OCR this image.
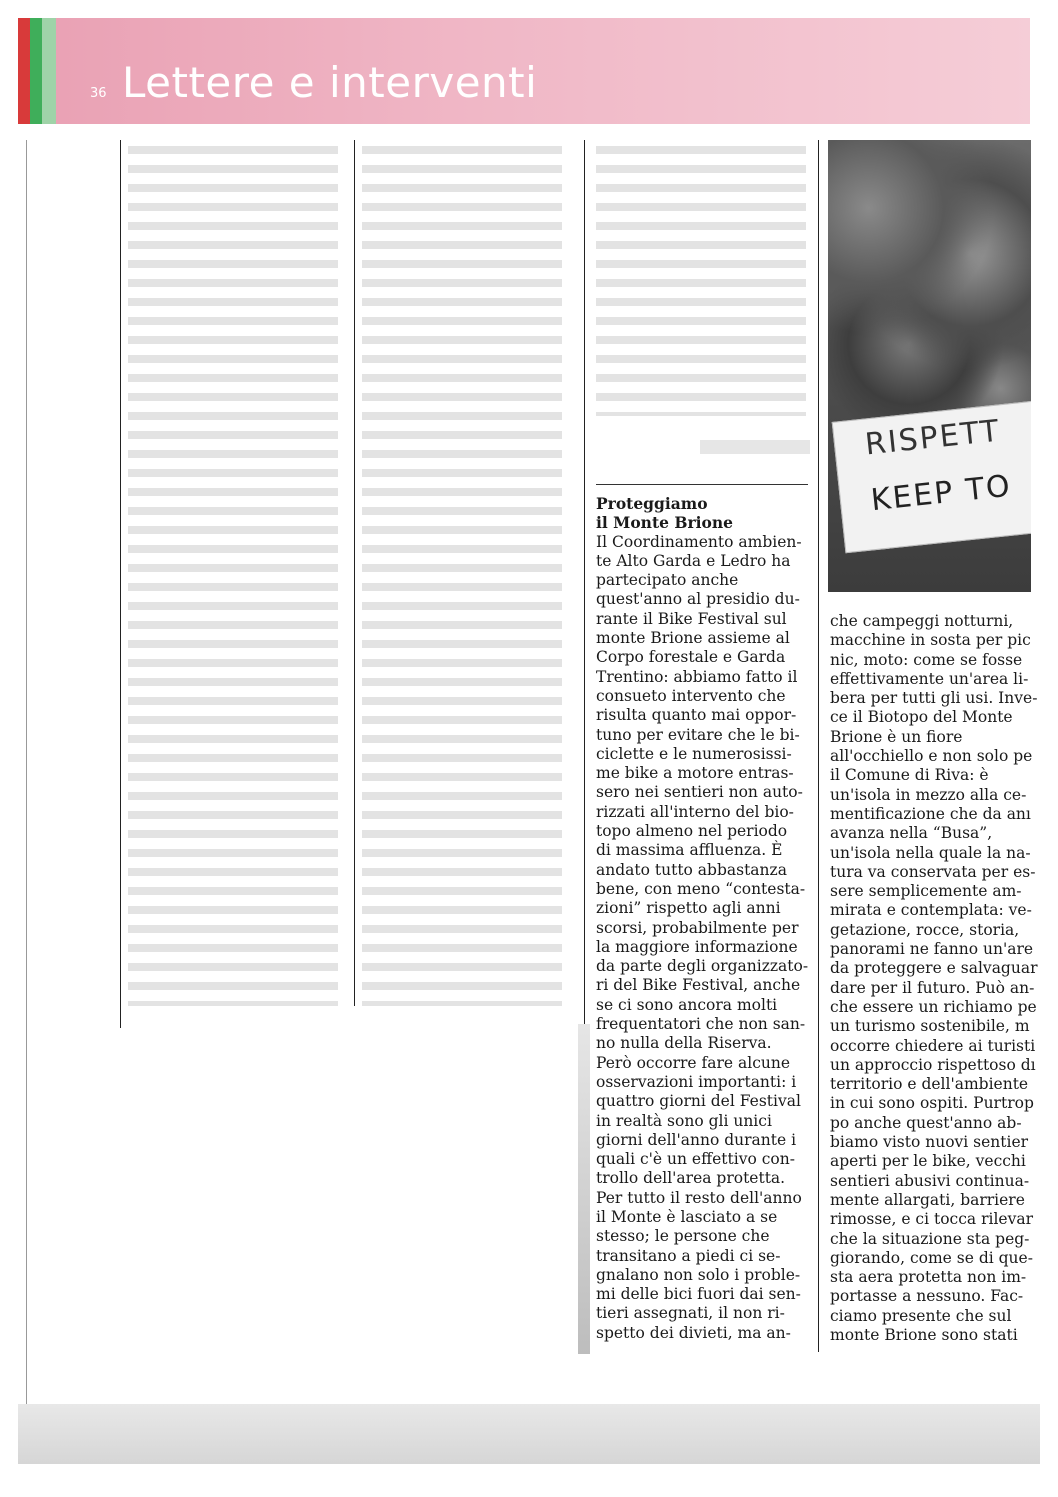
36 Lettere e interventi
RISPETT
KEEP TO
Proteggiamo
il Monte Brione
Il Coordinamento ambien-
te Alto Garda e Ledro ha
partecipato anche
quest'anno al presidio du-
rante il Bike Festival sul
monte Brione assieme al
Corpo forestale e Garda
Trentino: abbiamo fatto il
consueto intervento che
risulta quanto mai oppor-
tuno per evitare che le bi-
ciclette e le numerosissi-
me bike a motore entras-
sero nei sentieri non auto-
rizzati all'interno del bio-
topo almeno nel periodo
di massima affluenza. È
andato tutto abbastanza
bene, con meno “contesta-
zioni” rispetto agli anni
scorsi, probabilmente per
la maggiore informazione
da parte degli organizzato-
ri del Bike Festival, anche
se ci sono ancora molti
frequentatori che non san-
no nulla della Riserva.
Però occorre fare alcune
osservazioni importanti: i
quattro giorni del Festival
in realtà sono gli unici
giorni dell'anno durante i
quali c'è un effettivo con-
trollo dell'area protetta.
Per tutto il resto dell'anno
il Monte è lasciato a se
stesso; le persone che
transitano a piedi ci se-
gnalano non solo i proble-
mi delle bici fuori dai sen-
tieri assegnati, il non ri-
spetto dei divieti, ma an-
che campeggi notturni,
macchine in sosta per pic
nic, moto: come se fosse
effettivamente un'area li-
bera per tutti gli usi. Inve-
ce il Biotopo del Monte
Brione è un fiore
all'occhiello e non solo pe
il Comune di Riva: è
un'isola in mezzo alla ce-
mentificazione che da anı
avanza nella “Busa”,
un'isola nella quale la na-
tura va conservata per es-
sere semplicemente am-
mirata e contemplata: ve-
getazione, rocce, storia,
panorami ne fanno un'are
da proteggere e salvaguar
dare per il futuro. Può an-
che essere un richiamo pe
un turismo sostenibile, m
occorre chiedere ai turisti
un approccio rispettoso dı
territorio e dell'ambiente
in cui sono ospiti. Purtrop
po anche quest'anno ab-
biamo visto nuovi sentier
aperti per le bike, vecchi
sentieri abusivi continua-
mente allargati, barriere
rimosse, e ci tocca rilevar
che la situazione sta peg-
giorando, come se di que-
sta aera protetta non im-
portasse a nessuno. Fac-
ciamo presente che sul
monte Brione sono stati
